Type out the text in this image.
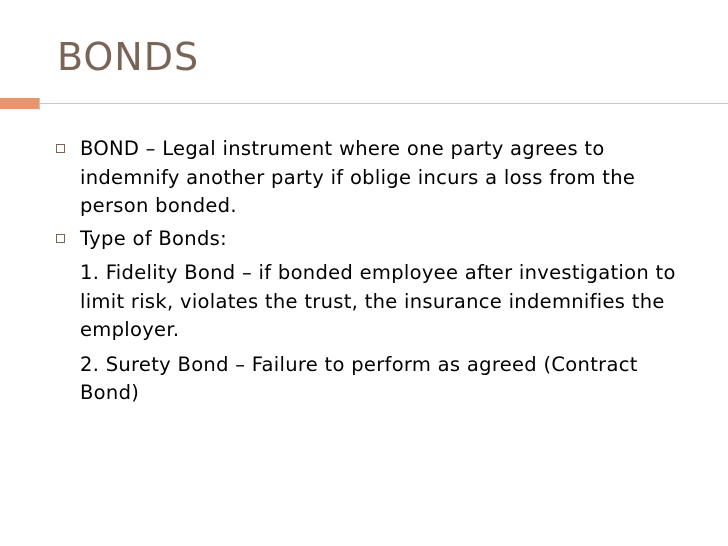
BONDS
BOND – Legal instrument where one party agrees to indemnify another party if oblige incurs a loss from the person bonded.
Type of Bonds:
1. Fidelity Bond – if bonded employee after investigation to limit risk, violates the trust, the insurance indemnifies the employer.
2. Surety Bond – Failure to perform as agreed (Contract Bond)
